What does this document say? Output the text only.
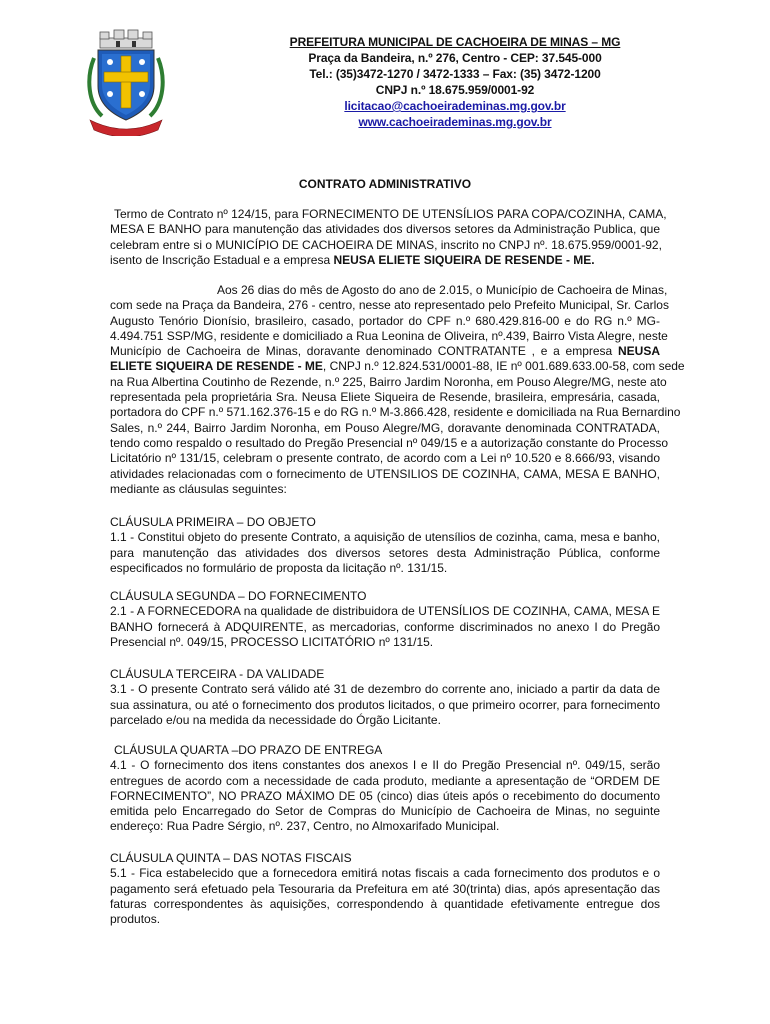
PREFEITURA MUNICIPAL DE CACHOEIRA DE MINAS – MG
Praça da Bandeira, n.º 276, Centro - CEP: 37.545-000
Tel.: (35)3472-1270 / 3472-1333 – Fax: (35) 3472-1200
CNPJ n.º 18.675.959/0001-92
licitacao@cachoeirademinas.mg.gov.br
www.cachoeirademinas.mg.gov.br
CONTRATO ADMINISTRATIVO
Termo de Contrato nº 124/15, para FORNECIMENTO DE UTENSÍLIOS PARA COPA/COZINHA, CAMA,
MESA E BANHO para manutenção das atividades dos diversos setores da Administração Publica, que
celebram entre si o MUNICÍPIO DE CACHOEIRA DE MINAS, inscrito no CNPJ nº. 18.675.959/0001-92,
isento de Inscrição Estadual e a empresa NEUSA ELIETE SIQUEIRA DE RESENDE - ME.
Aos 26 dias do mês de Agosto do ano de 2.015, o Município de Cachoeira de Minas,
com sede na Praça da Bandeira, 276 - centro, nesse ato representado pelo Prefeito Municipal, Sr. Carlos
Augusto Tenório Dionísio, brasileiro, casado, portador do CPF n.º 680.429.816-00 e do RG n.º MG-
4.494.751 SSP/MG, residente e domiciliado a Rua Leonina de Oliveira, nº.439, Bairro Vista Alegre, neste
Município de Cachoeira de Minas, doravante denominado CONTRATANTE , e a empresa NEUSA
ELIETE SIQUEIRA DE RESENDE - ME, CNPJ n.º 12.824.531/0001-88, IE nº 001.689.633.00-58, com sede
na Rua Albertina Coutinho de Rezende, n.º 225, Bairro Jardim Noronha, em Pouso Alegre/MG, neste ato
representada pela proprietária Sra. Neusa Eliete Siqueira de Resende, brasileira, empresária, casada,
portadora do CPF n.º 571.162.376-15 e do RG n.º M-3.866.428, residente e domiciliada na Rua Bernardino
Sales, n.º 244, Bairro Jardim Noronha, em Pouso Alegre/MG, doravante denominada CONTRATADA,
tendo como respaldo o resultado do Pregão Presencial nº 049/15 e a autorização constante do Processo
Licitatório nº 131/15, celebram o presente contrato, de acordo com a Lei nº 10.520 e 8.666/93, visando
atividades relacionadas com o fornecimento de UTENSILIOS DE COZINHA, CAMA, MESA E BANHO,
mediante as cláusulas seguintes:
CLÁUSULA PRIMEIRA – DO OBJETO
1.1 - Constitui objeto do presente Contrato, a aquisição de utensílios de cozinha, cama, mesa e banho,
para manutenção das atividades dos diversos setores desta Administração Pública, conforme
especificados no formulário de proposta da licitação nº. 131/15.
CLÁUSULA SEGUNDA – DO FORNECIMENTO
2.1 - A FORNECEDORA na qualidade de distribuidora de UTENSÍLIOS DE COZINHA, CAMA, MESA E
BANHO fornecerá à ADQUIRENTE, as mercadorias, conforme discriminados no anexo I do Pregão
Presencial nº. 049/15, PROCESSO LICITATÓRIO nº 131/15.
CLÁUSULA TERCEIRA - DA VALIDADE
3.1 - O presente Contrato será válido até 31 de dezembro do corrente ano, iniciado a partir da data de
sua assinatura, ou até o fornecimento dos produtos licitados, o que primeiro ocorrer, para fornecimento
parcelado e/ou na medida da necessidade do Órgão Licitante.
CLÁUSULA QUARTA –DO PRAZO DE ENTREGA
4.1 - O fornecimento dos itens constantes dos anexos I e II do Pregão Presencial nº. 049/15, serão
entregues de acordo com a necessidade de cada produto, mediante a apresentação de “ORDEM DE
FORNECIMENTO”, NO PRAZO MÁXIMO DE 05 (cinco) dias úteis após o recebimento do documento
emitida pelo Encarregado do Setor de Compras do Município de Cachoeira de Minas, no seguinte
endereço: Rua Padre Sérgio, nº. 237, Centro, no Almoxarifado Municipal.
CLÁUSULA QUINTA – DAS NOTAS FISCAIS
5.1 - Fica estabelecido que a fornecedora emitirá notas fiscais a cada fornecimento dos produtos e o
pagamento será efetuado pela Tesouraria da Prefeitura em até 30(trinta) dias, após apresentação das
faturas correspondentes às aquisições, correspondendo à quantidade efetivamente entregue dos
produtos.
